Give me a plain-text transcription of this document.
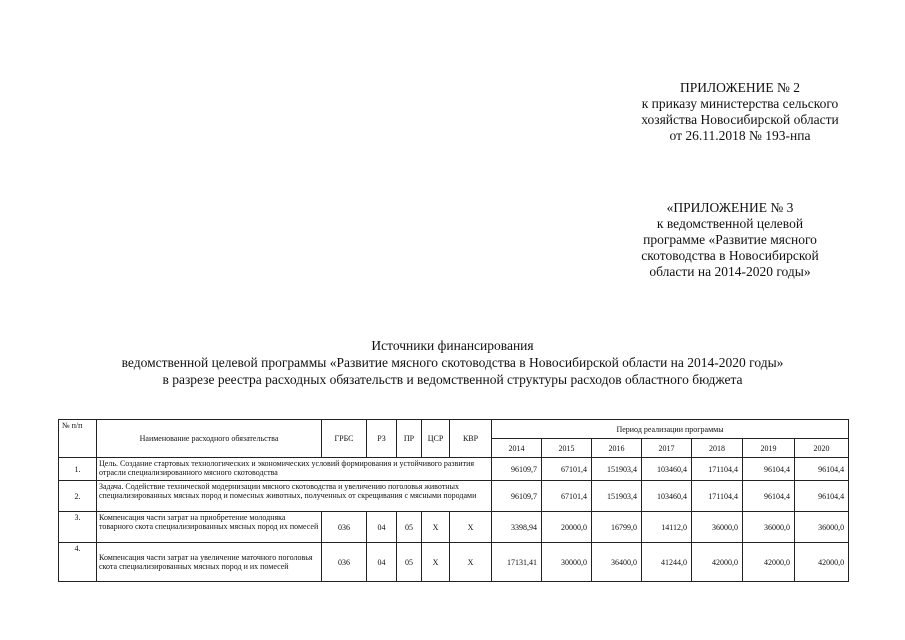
ПРИЛОЖЕНИЕ № 2
к приказу министерства сельского
хозяйства Новосибирской области
от 26.11.2018 № 193-нпа
«ПРИЛОЖЕНИЕ № 3
к ведомственной целевой
программе «Развитие мясного
скотоводства в Новосибирской
области на 2014-2020 годы»
Источники финансирования
ведомственной целевой программы «Развитие мясного скотоводства в Новосибирской области на 2014-2020 годы»
в разрезе реестра расходных обязательств и ведомственной структуры расходов областного бюджета
№ п/п	Наименование расходного обязательства	ГРБС	РЗ	ПР	ЦСР	КВР	Период реализации программы						
							2014	2015	2016	2017	2018	2019	2020
1.	Цель. Создание стартовых технологических и экономических условий формирования и устойчивого развития отрасли специализированного мясного скотоводства						96109,7	67101,4	151903,4	103460,4	171104,4	96104,4	96104,4
2.	Задача. Содействие технической модернизации мясного скотоводства и увеличению поголовья животных специализированных мясных пород и помесных животных, полученных от скрещивания с мясными породами						96109,7	67101,4	151903,4	103460,4	171104,4	96104,4	96104,4
3.	Компенсация части затрат на приобретение молодняка товарного скота специализированных мясных пород их помесей	036	04	05	Х	Х	3398,94	20000,0	16799,0	14112,0	36000,0	36000,0	36000,0
4.	Компенсация части затрат на увеличение маточного поголовья скота специализированных мясных пород и их помесей	036	04	05	Х	Х	17131,41	30000,0	36400,0	41244,0	42000,0	42000,0	42000,0
